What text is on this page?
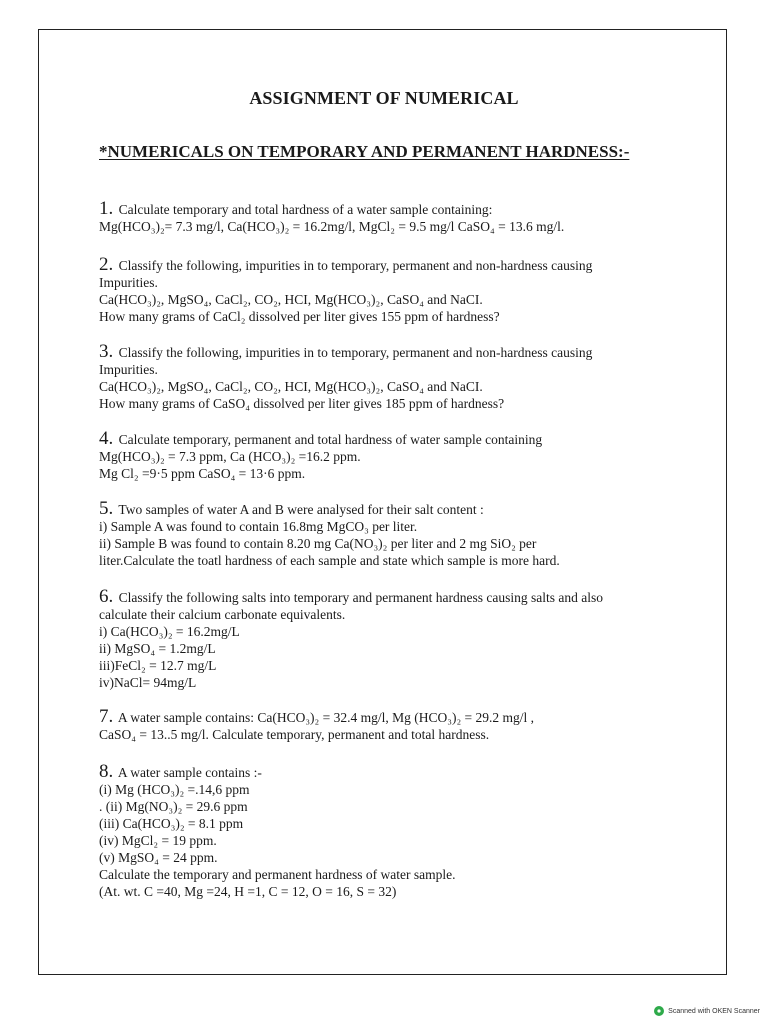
ASSIGNMENT OF NUMERICAL
*NUMERICALS ON TEMPORARY AND PERMANENT HARDNESS:-
1. Calculate temporary and total hardness of a water sample containing:
Mg(HCO₃)₂= 7.3 mg/l, Ca(HCO₃)₂ = 16.2mg/l, MgCl₂ = 9.5 mg/l CaSO₄ = 13.6 mg/l.
2. Classify the following, impurities in to temporary, permanent and non-hardness causing
Impurities.
Ca(HCO₃)₂, MgSO₄, CaCl₂, CO₂, HCI, Mg(HCO₃)₂, CaSO₄ and NaCI.
How many grams of CaCl₂ dissolved per liter gives 155 ppm of hardness?
3. Classify the following, impurities in to temporary, permanent and non-hardness causing
Impurities.
Ca(HCO₃)₂, MgSO₄, CaCl₂, CO₂, HCI, Mg(HCO₃)₂, CaSO₄ and NaCI.
How many grams of CaSO₄ dissolved per liter gives 185 ppm of hardness?
4. Calculate temporary, permanent and total hardness of water sample containing
Mg(HCO₃)₂ = 7.3 ppm, Ca (HCO₃)₂ =16.2 ppm.
Mg Cl₂ =9·5 ppm CaSO₄ = 13·6 ppm.
5. Two samples of water A and B were analysed for their salt content :
i) Sample A was found to contain 16.8mg MgCO₃ per liter.
ii) Sample B was found to contain 8.20 mg Ca(NO₃)₂ per liter and 2 mg SiO₂ per
liter.Calculate the toatl hardness of each sample and state which sample is more hard.
6. Classify the following salts into temporary and permanent hardness causing salts and also
calculate their calcium carbonate equivalents.
i) Ca(HCO₃)₂ = 16.2mg/L
ii) MgSO₄ = 1.2mg/L
iii)FeCl₂ = 12.7 mg/L
iv)NaCl= 94mg/L
7. A water sample contains: Ca(HCO₃)₂ = 32.4 mg/l, Mg (HCO₃)₂ = 29.2 mg/l ,
CaSO₄ = 13..5 mg/l. Calculate temporary, permanent and total hardness.
8. A water sample contains :-
(i) Mg (HCO₃)₂ =.14,6 ppm
. (ii) Mg(NO₃)₂ = 29.6 ppm
(iii) Ca(HCO₃)₂ = 8.1 ppm
(iv) MgCl₂ = 19 ppm.
(v) MgSO₄ = 24 ppm.
Calculate the temporary and permanent hardness of water sample.
(At. wt. C =40, Mg =24, H =1, C = 12, O = 16, S = 32)
Scanned with OKEN Scanner
